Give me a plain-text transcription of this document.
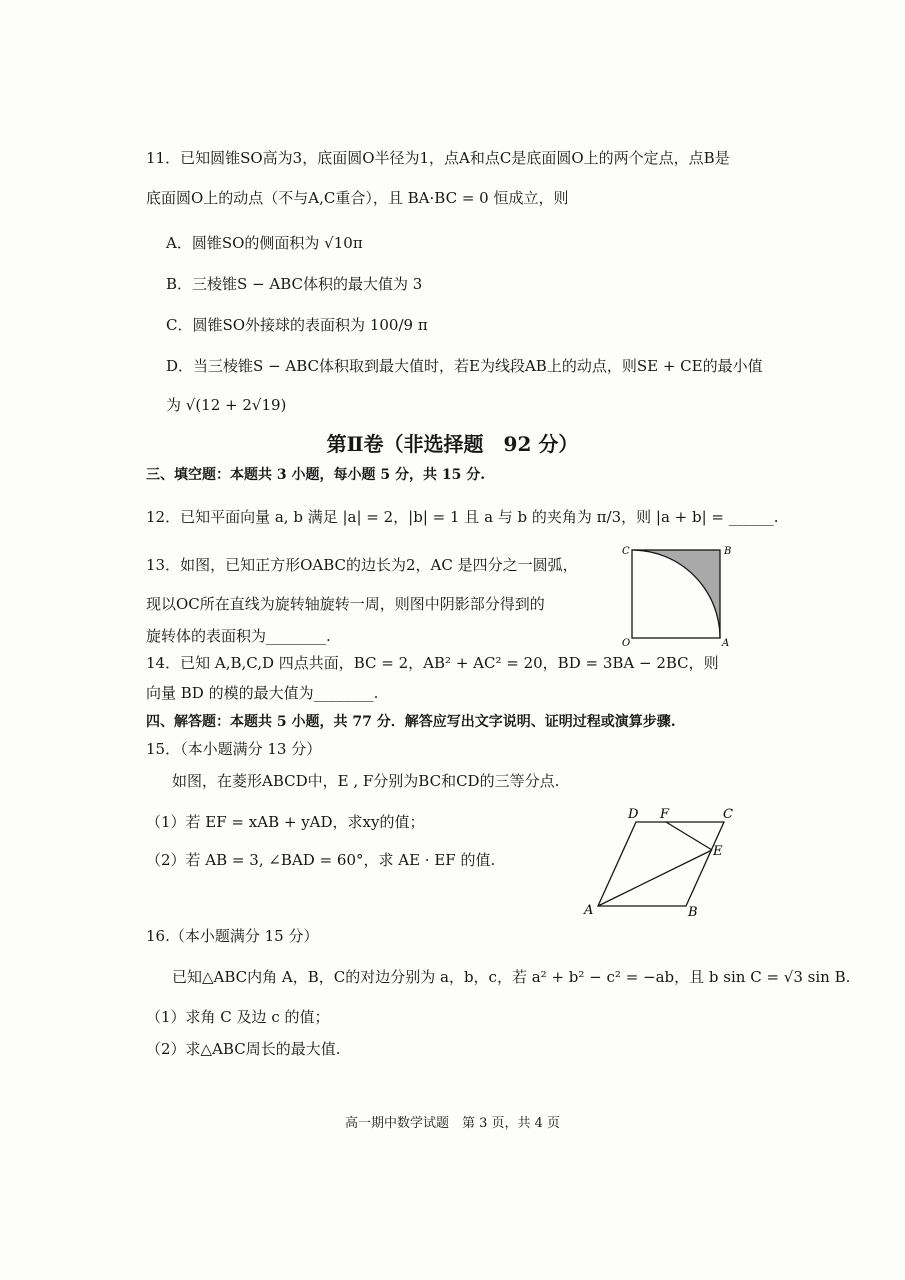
11．已知圆锥SO高为3，底面圆O半径为1，点A和点C是底面圆O上的两个定点，点B是
底面圆O上的动点（不与A,C重合），且 BA·BC = 0 恒成立，则
A．圆锥SO的侧面积为 √10π
B．三棱锥S − ABC体积的最大值为 3
C．圆锥SO外接球的表面积为 100/9 π
D．当三棱锥S − ABC体积取到最大值时，若E为线段AB上的动点，则SE + CE的最小值
为 √(12 + 2√19)
第Ⅱ卷（非选择题　92 分）
三、填空题：本题共 3 小题，每小题 5 分，共 15 分.
12．已知平面向量 a, b 满足 |a| = 2，|b| = 1 且 a 与 b 的夹角为 π/3，则 |a + b| = ______.
13．如图，已知正方形OABC的边长为2，AC 是四分之一圆弧，
现以OC所在直线为旋转轴旋转一周，则图中阴影部分得到的
旋转体的表面积为________.
C	B
O	A
14．已知 A,B,C,D 四点共面，BC = 2，AB² + AC² = 20，BD = 3BA − 2BC，则
向量 BD 的模的最大值为________.
四、解答题：本题共 5 小题，共 77 分．解答应写出文字说明、证明过程或演算步骤.
15．（本小题满分 13 分）
如图，在菱形ABCD中，E , F分别为BC和CD的三等分点.
（1）若 EF = xAB + yAD，求xy的值；
（2）若 AB = 3, ∠BAD = 60°，求 AE · EF 的值.
D F	C
E
A	B
16.（本小题满分 15 分）
已知△ABC内角 A，B，C的对边分别为 a，b，c，若 a² + b² − c² = −ab，且 b sin C = √3 sin B.
（1）求角 C 及边 c 的值；
（2）求△ABC周长的最大值.
高一期中数学试题　第 3 页，共 4 页
